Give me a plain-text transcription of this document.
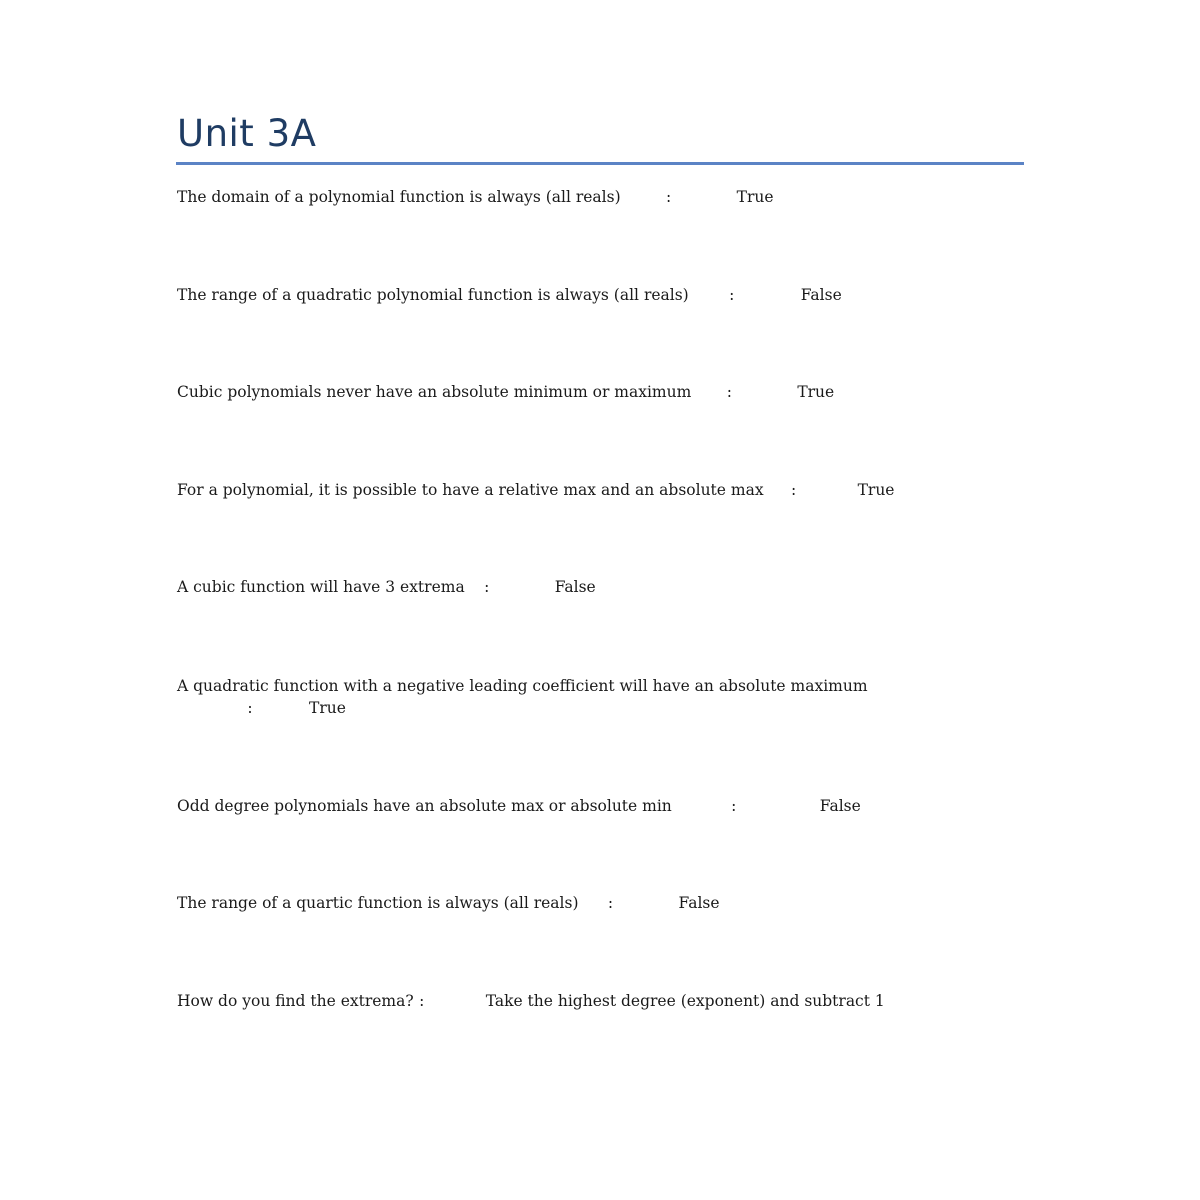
Unit 3A
The domain of a polynomial function is always (all reals)	:	True
The range of a quadratic polynomial function is always (all reals)	:	False
Cubic polynomials never have an absolute minimum or maximum :	True
For a polynomial, it is possible to have a relative max and an absolute max :	True
A cubic function will have 3 extrema :	False
A quadratic function with a negative leading coefficient will have an absolute maximum
:	True
Odd degree polynomials have an absolute max or absolute min	:	False
The range of a quartic function is always (all reals) :	False
How do you find the extrema? :	Take the highest degree (exponent) and subtract 1
